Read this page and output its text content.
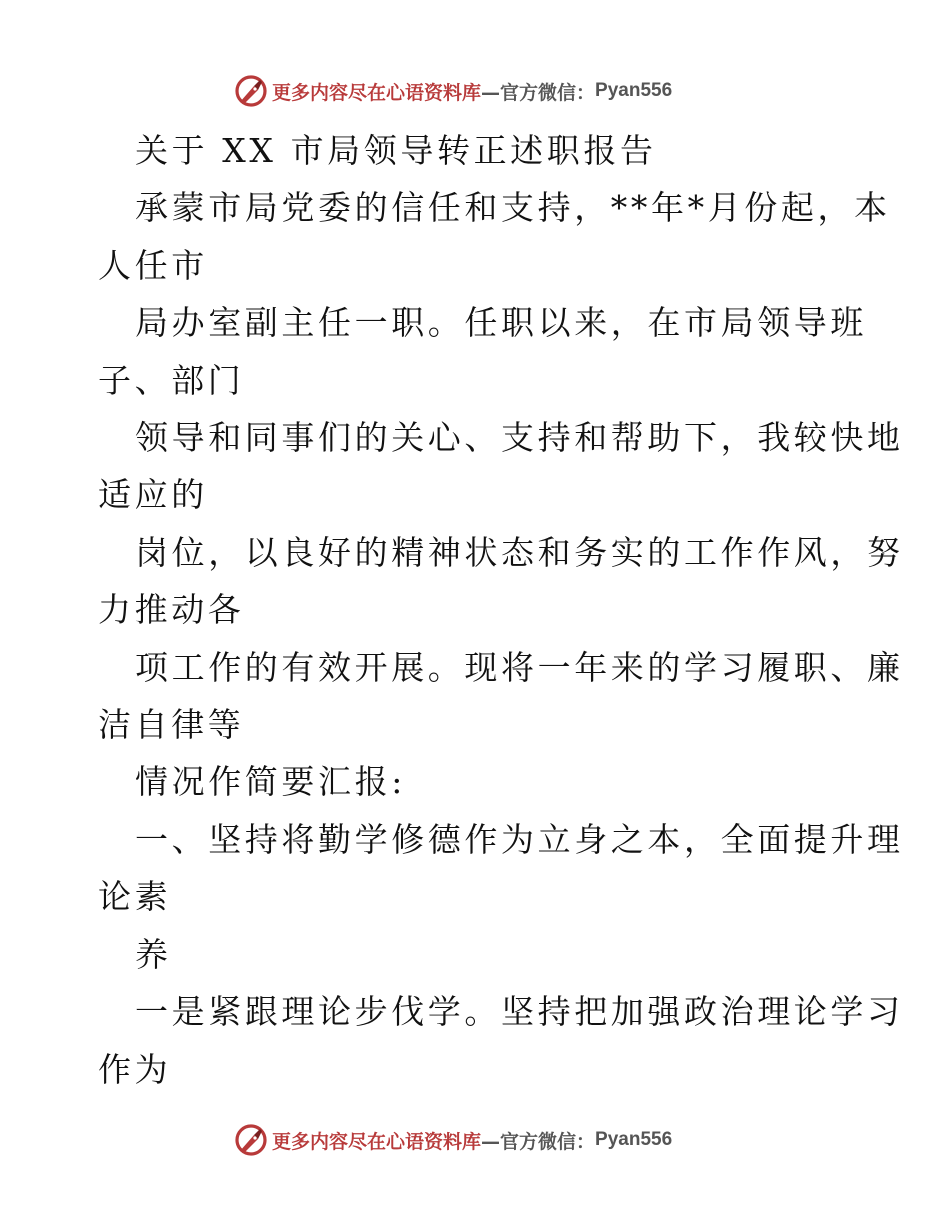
更多内容尽在心语资料库 —官方微信： Pyan556
关于 XX 市局领导转正述职报告
承蒙市局党委的信任和支持，**年*月份起，本
人任市
局办室副主任一职。任职以来，在市局领导班
子、部门
领导和同事们的关心、支持和帮助下，我较快地
适应的
岗位，以良好的精神状态和务实的工作作风，努
力推动各
项工作的有效开展。现将一年来的学习履职、廉
洁自律等
情况作简要汇报:
一、坚持将勤学修德作为立身之本，全面提升理
论素
养
一是紧跟理论步伐学。坚持把加强政治理论学习
作为
更多内容尽在心语资料库 —官方微信： Pyan556
